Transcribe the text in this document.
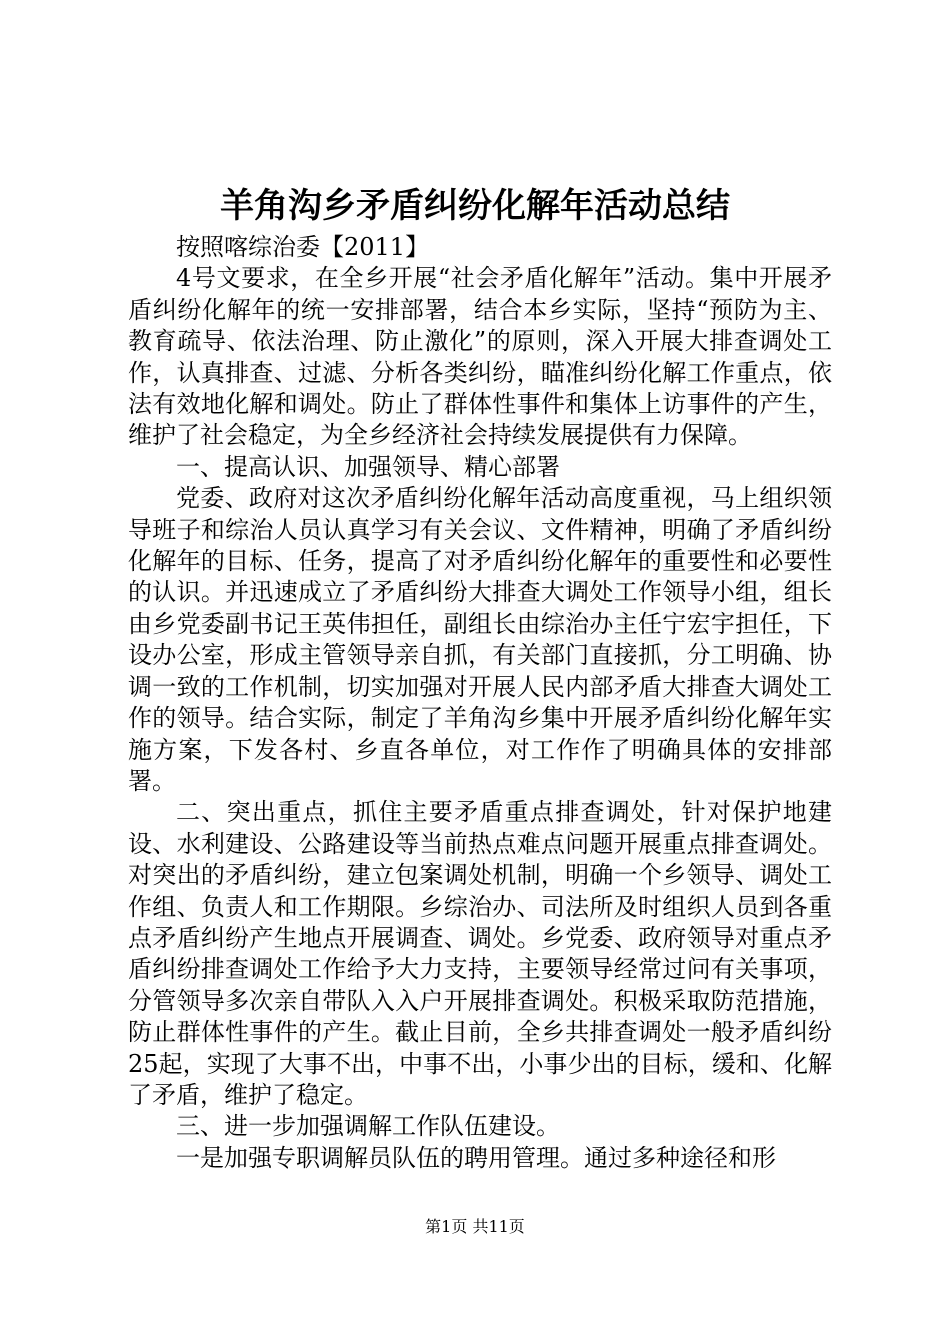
羊角沟乡矛盾纠纷化解年活动总结

按照喀综治委【2011】

4号文要求，在全乡开展“社会矛盾化解年”活动。集中开展矛盾纠纷化解年的统一安排部署，结合本乡实际，坚持“预防为主、教育疏导、依法治理、防止激化”的原则，深入开展大排查调处工作，认真排查、过滤、分析各类纠纷，瞄准纠纷化解工作重点，依法有效地化解和调处。防止了群体性事件和集体上访事件的产生，维护了社会稳定，为全乡经济社会持续发展提供有力保障。

一、提高认识、加强领导、精心部署

党委、政府对这次矛盾纠纷化解年活动高度重视，马上组织领导班子和综治人员认真学习有关会议、文件精神，明确了矛盾纠纷化解年的目标、任务，提高了对矛盾纠纷化解年的重要性和必要性的认识。并迅速成立了矛盾纠纷大排查大调处工作领导小组，组长由乡党委副书记王英伟担任，副组长由综治办主任宁宏宇担任，下设办公室，形成主管领导亲自抓，有关部门直接抓，分工明确、协调一致的工作机制，切实加强对开展人民内部矛盾大排查大调处工作的领导。结合实际，制定了羊角沟乡集中开展矛盾纠纷化解年实施方案，下发各村、乡直各单位，对工作作了明确具体的安排部署。

二、突出重点，抓住主要矛盾重点排查调处，针对保护地建设、水利建设、公路建设等当前热点难点问题开展重点排查调处。对突出的矛盾纠纷，建立包案调处机制，明确一个乡领导、调处工作组、负责人和工作期限。乡综治办、司法所及时组织人员到各重点矛盾纠纷产生地点开展调查、调处。乡党委、政府领导对重点矛盾纠纷排查调处工作给予大力支持，主要领导经常过问有关事项，分管领导多次亲自带队入入户开展排查调处。积极采取防范措施，防止群体性事件的产生。截止目前，全乡共排查调处一般矛盾纠纷25起，实现了大事不出，中事不出，小事少出的目标，缓和、化解了矛盾，维护了稳定。

三、进一步加强调解工作队伍建设。

一是加强专职调解员队伍的聘用管理。通过多种途径和形

第1页 共11页
